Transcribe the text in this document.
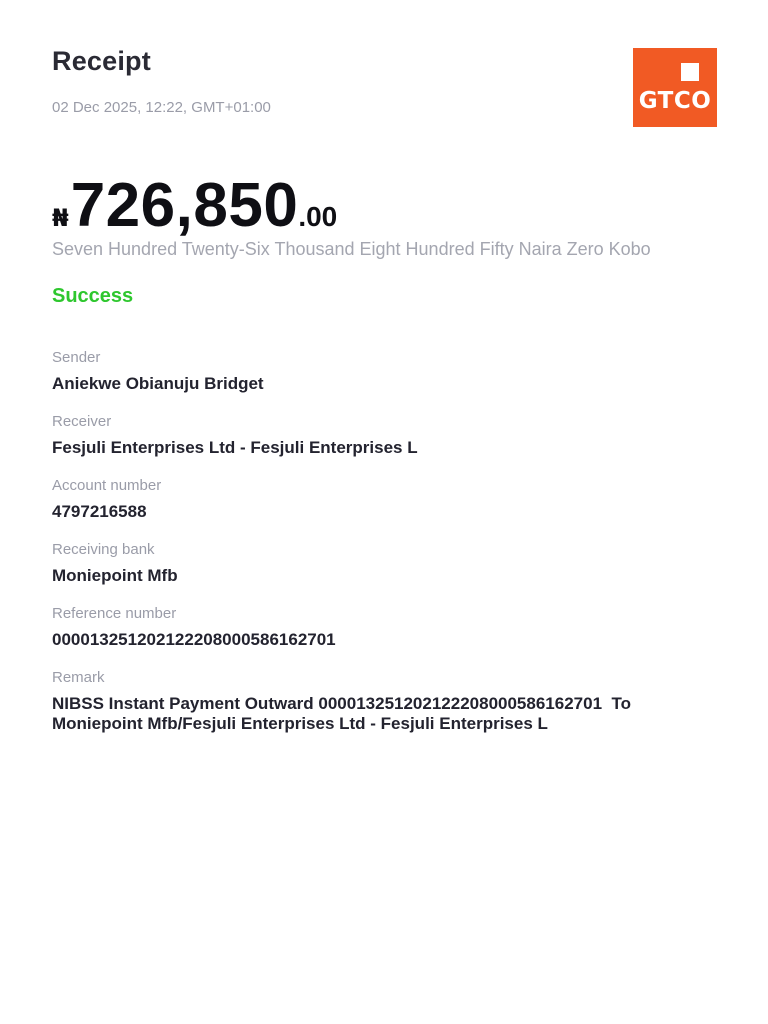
Receipt
02 Dec 2025, 12:22, GMT+01:00	GTCO
₦726,850.00
Seven Hundred Twenty-Six Thousand Eight Hundred Fifty Naira Zero Kobo
Success
Sender
Aniekwe Obianuju Bridget
Receiver
Fesjuli Enterprises Ltd - Fesjuli Enterprises L
Account number
4797216588
Receiving bank
Moniepoint Mfb
Reference number
000013251202122208000586162701
Remark
NIBSS Instant Payment Outward 000013251202122208000586162701  To
Moniepoint Mfb/Fesjuli Enterprises Ltd - Fesjuli Enterprises L
